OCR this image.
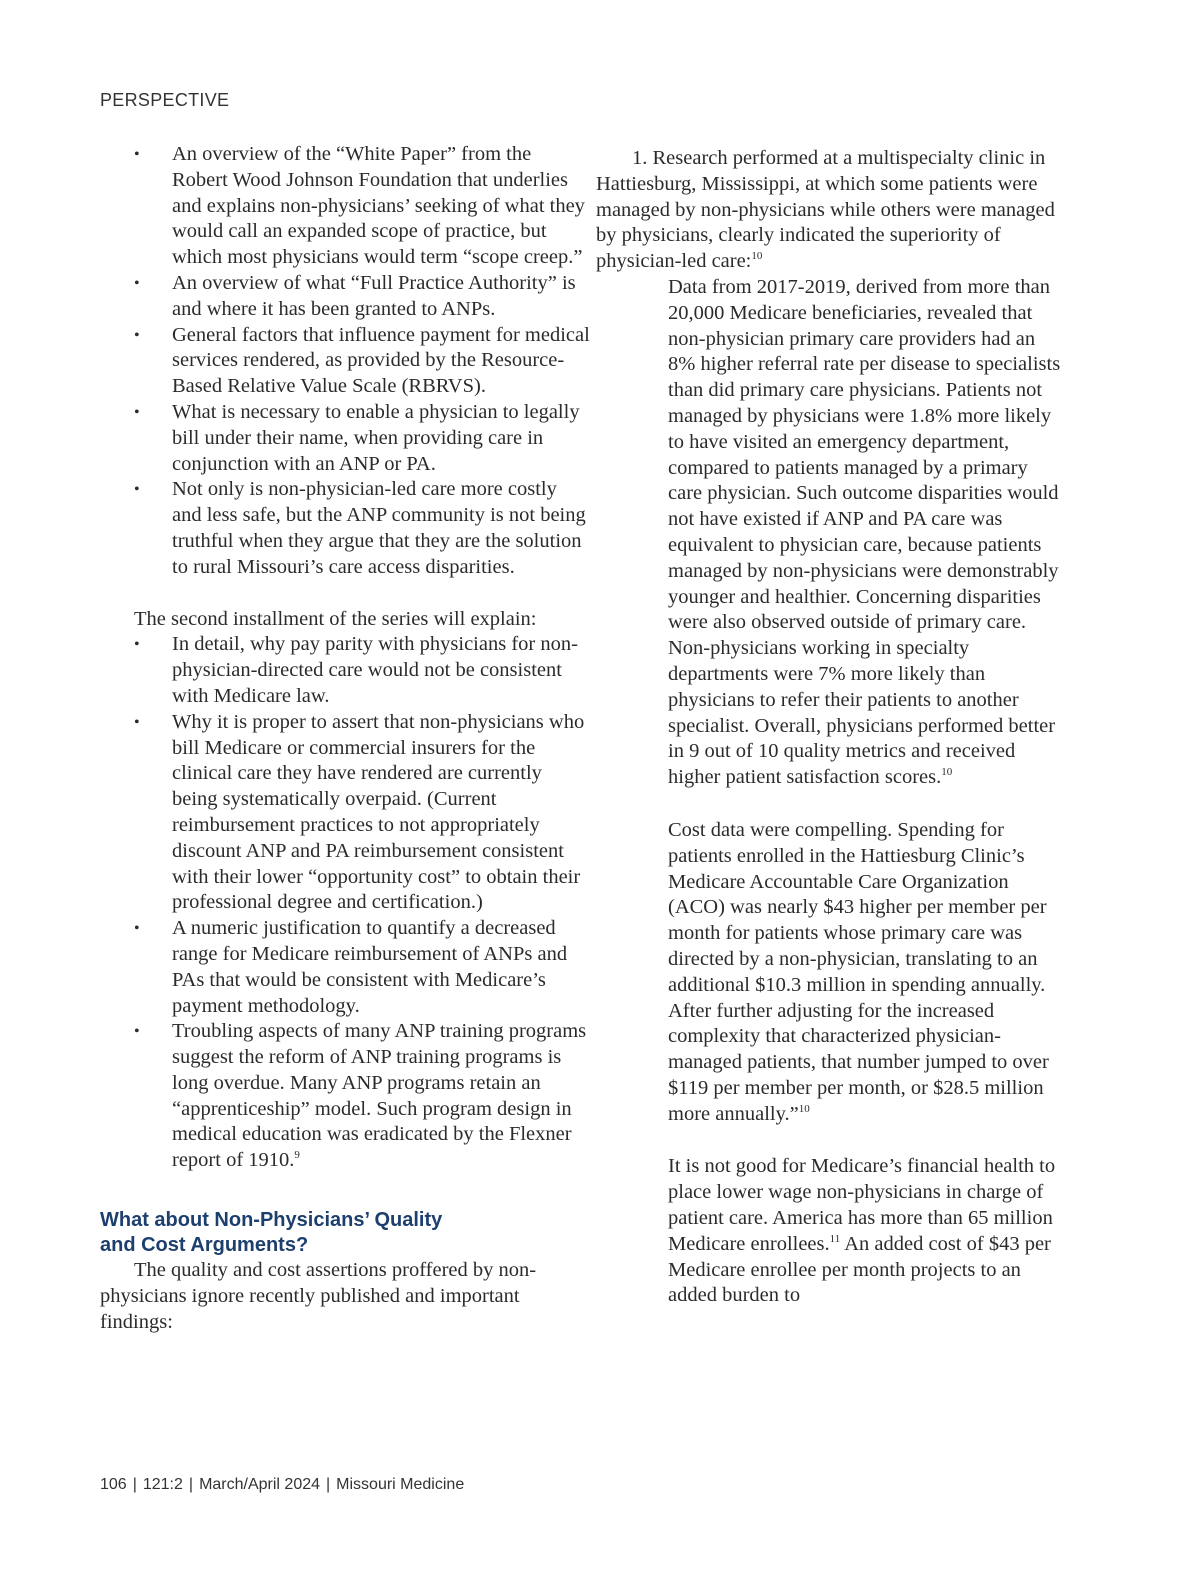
PERSPECTIVE
• An overview of the “White Paper” from the Robert Wood Johnson Foundation that underlies and explains non-physicians’ seeking of what they would call an expanded scope of practice, but which most physicians would term “scope creep.”
• An overview of what “Full Practice Authority” is and where it has been granted to ANPs.
• General factors that influence payment for medical services rendered, as provided by the Resource-Based Relative Value Scale (RBRVS).
• What is necessary to enable a physician to legally bill under their name, when providing care in conjunction with an ANP or PA.
• Not only is non-physician-led care more costly and less safe, but the ANP community is not being truthful when they argue that they are the solution to rural Missouri’s care access disparities.

The second installment of the series will explain:

• In detail, why pay parity with physicians for non-physician-directed care would not be consistent with Medicare law.
• Why it is proper to assert that non-physicians who bill Medicare or commercial insurers for the clinical care they have rendered are currently being systematically overpaid. (Current reimbursement practices to not appropriately discount ANP and PA reimbursement consistent with their lower “opportunity cost” to obtain their professional degree and certification.)
• A numeric justification to quantify a decreased range for Medicare reimbursement of ANPs and PAs that would be consistent with Medicare’s payment methodology.
• Troubling aspects of many ANP training programs suggest the reform of ANP training programs is long overdue. Many ANP programs retain an “apprenticeship” model. Such program design in medical education was eradicated by the Flexner report of 1910.$^9$
What about Non-Physicians’ Quality
and Cost Arguments?

The quality and cost assertions proffered by non-physicians ignore recently published and important findings:

1. Research performed at a multispecialty clinic in Hattiesburg, Mississippi, at which some patients were managed by non-physicians while others were managed by physicians, clearly indicated the superiority of physician-led care:$^{10}$

Data from 2017-2019, derived from more than 20,000 Medicare beneficiaries, revealed that non-physician primary care providers had an 8% higher referral rate per disease to specialists than did primary care physicians. Patients not managed by physicians were 1.8% more likely to have visited an emergency department, compared to patients managed by a primary care physician. Such outcome disparities would not have existed if ANP and PA care was equivalent to physician care, because patients managed by non-physicians were demonstrably younger and healthier. Concerning disparities were also observed outside of primary care. Non-physicians working in specialty departments were 7% more likely than physicians to refer their patients to another specialist. Overall, physicians performed better in 9 out of 10 quality metrics and received higher patient satisfaction scores.$^{10}$

Cost data were compelling. Spending for patients enrolled in the Hattiesburg Clinic’s Medicare Accountable Care Organization (ACO) was nearly $43 higher per member per month for patients whose primary care was directed by a non-physician, translating to an additional $10.3 million in spending annually. After further adjusting for the increased complexity that characterized physician-managed patients, that number jumped to over $119 per member per month, or $28.5 million more annually.”$^{10}$

It is not good for Medicare’s financial health to place lower wage non-physicians in charge of patient care. America has more than 65 million Medicare enrollees.$^{11}$ An added cost of $43 per Medicare enrollee per month projects to an added burden to

106 | 121:2 | March/April 2024 | Missouri Medicine
